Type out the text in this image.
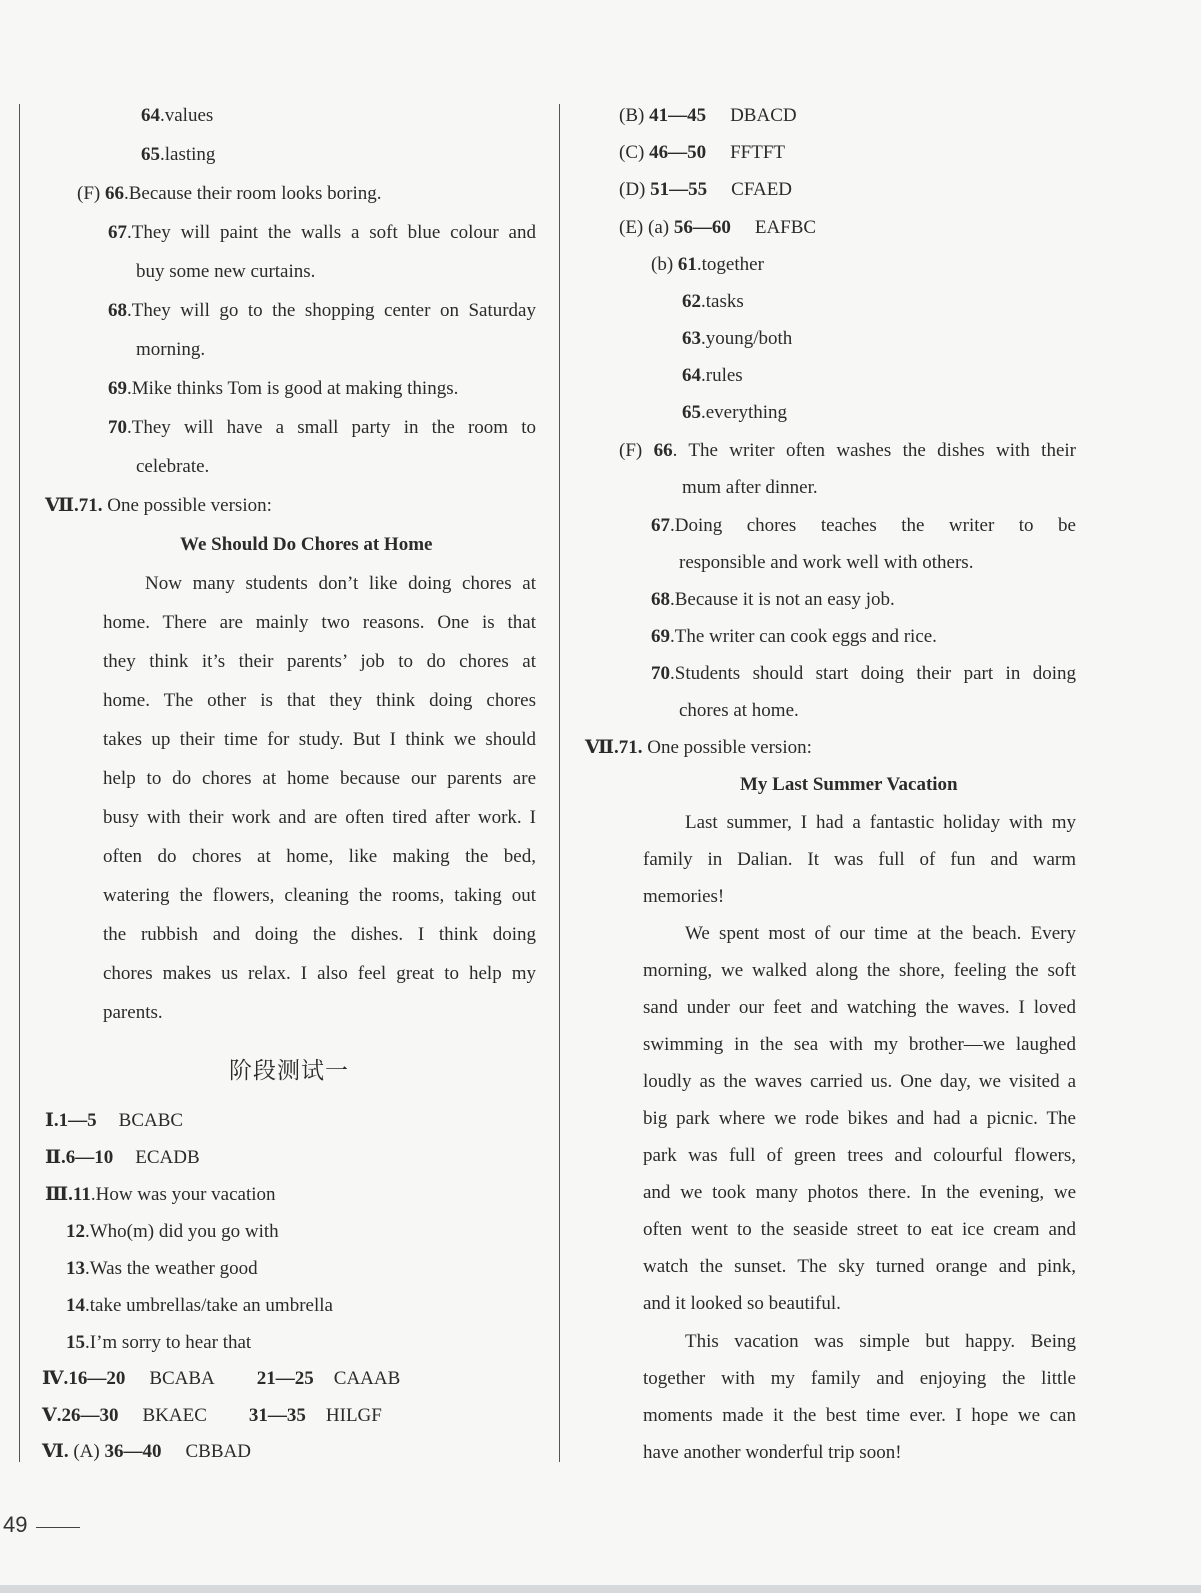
64.values
65.lasting
(F) 66.Because their room looks boring.
67.They will paint the walls a soft blue colour and
buy some new curtains.
68.They will go to the shopping center on Saturday
morning.
69.Mike thinks Tom is good at making things.
70.They will have a small party in the room to
celebrate.
Ⅶ.71. One possible version:
We Should Do Chores at Home
Now many students don’t like doing chores at
home. There are mainly two reasons. One is that
they think it’s their parents’ job to do chores at
home. The other is that they think doing chores
takes up their time for study. But I think we should
help to do chores at home because our parents are
busy with their work and are often tired after work. I
often do chores at home, like making the bed,
watering the flowers, cleaning the rooms, taking out
the rubbish and doing the dishes. I think doing
chores makes us relax. I also feel great to help my
parents.
阶段测试一
Ⅰ.1—5 BCABC
Ⅱ.6—10 ECADB
Ⅲ.11.How was your vacation
12.Who(m) did you go with
13.Was the weather good
14.take umbrellas/take an umbrella
15.I’m sorry to hear that
Ⅳ.16—20 BCABA 21—25 CAAAB
Ⅴ.26—30 BKAEC 31—35 HILGF
Ⅵ. (A) 36—40 CBBAD
(B) 41—45 DBACD
(C) 46—50 FFTFT
(D) 51—55 CFAED
(E) (a) 56—60 EAFBC
(b) 61.together
62.tasks
63.young/both
64.rules
65.everything
(F) 66. The writer often washes the dishes with their
mum after dinner.
67.Doing chores teaches the writer to be
responsible and work well with others.
68.Because it is not an easy job.
69.The writer can cook eggs and rice.
70.Students should start doing their part in doing
chores at home.
Ⅶ.71. One possible version:
My Last Summer Vacation
Last summer, I had a fantastic holiday with my
family in Dalian. It was full of fun and warm
memories!
We spent most of our time at the beach. Every
morning, we walked along the shore, feeling the soft
sand under our feet and watching the waves. I loved
swimming in the sea with my brother—we laughed
loudly as the waves carried us. One day, we visited a
big park where we rode bikes and had a picnic. The
park was full of green trees and colourful flowers,
and we took many photos there. In the evening, we
often went to the seaside street to eat ice cream and
watch the sunset. The sky turned orange and pink,
and it looked so beautiful.
This vacation was simple but happy. Being
together with my family and enjoying the little
moments made it the best time ever. I hope we can
have another wonderful trip soon!
49
